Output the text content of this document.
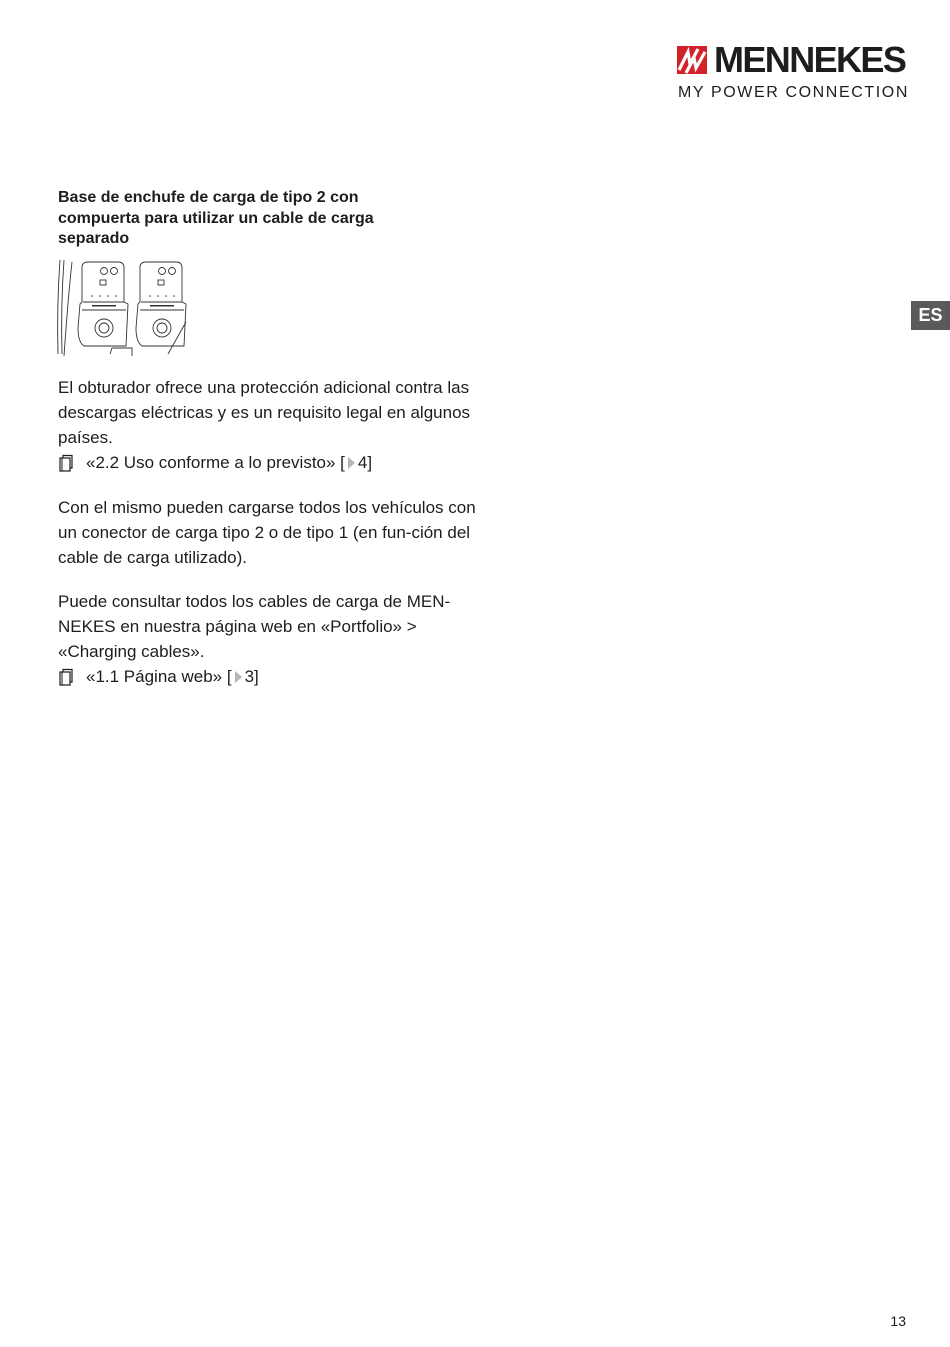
MENNEKES
MY POWER CONNECTION
ES
Base de enchufe de carga de tipo 2 con compuerta para utilizar un cable de carga separado

El obturador ofrece una protección adicional contra las descargas eléctricas y es un requisito legal en algunos países.

«2.2 Uso conforme a lo previsto» [ 4 ]

Con el mismo pueden cargarse todos los vehículos con un conector de carga tipo 2 o de tipo 1 (en fun-ción del cable de carga utilizado).

Puede consultar todos los cables de carga de MEN-NEKES en nuestra página web en «Portfolio» > «Charging cables».

«1.1 Página web» [ 3 ]
13
